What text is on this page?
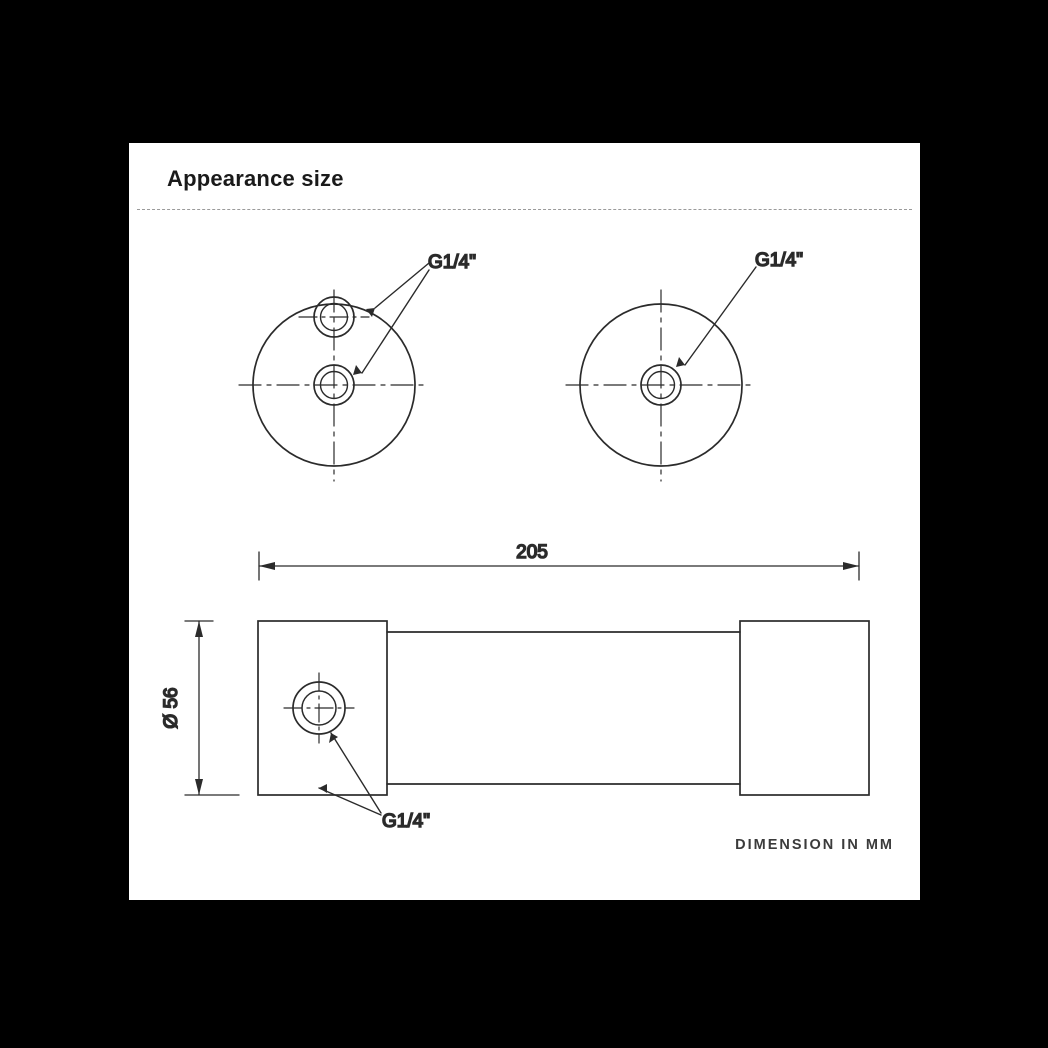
Appearance size
G1/4"	G1/4"
205
G1/4"
Ø 56
DIMENSION IN MM
